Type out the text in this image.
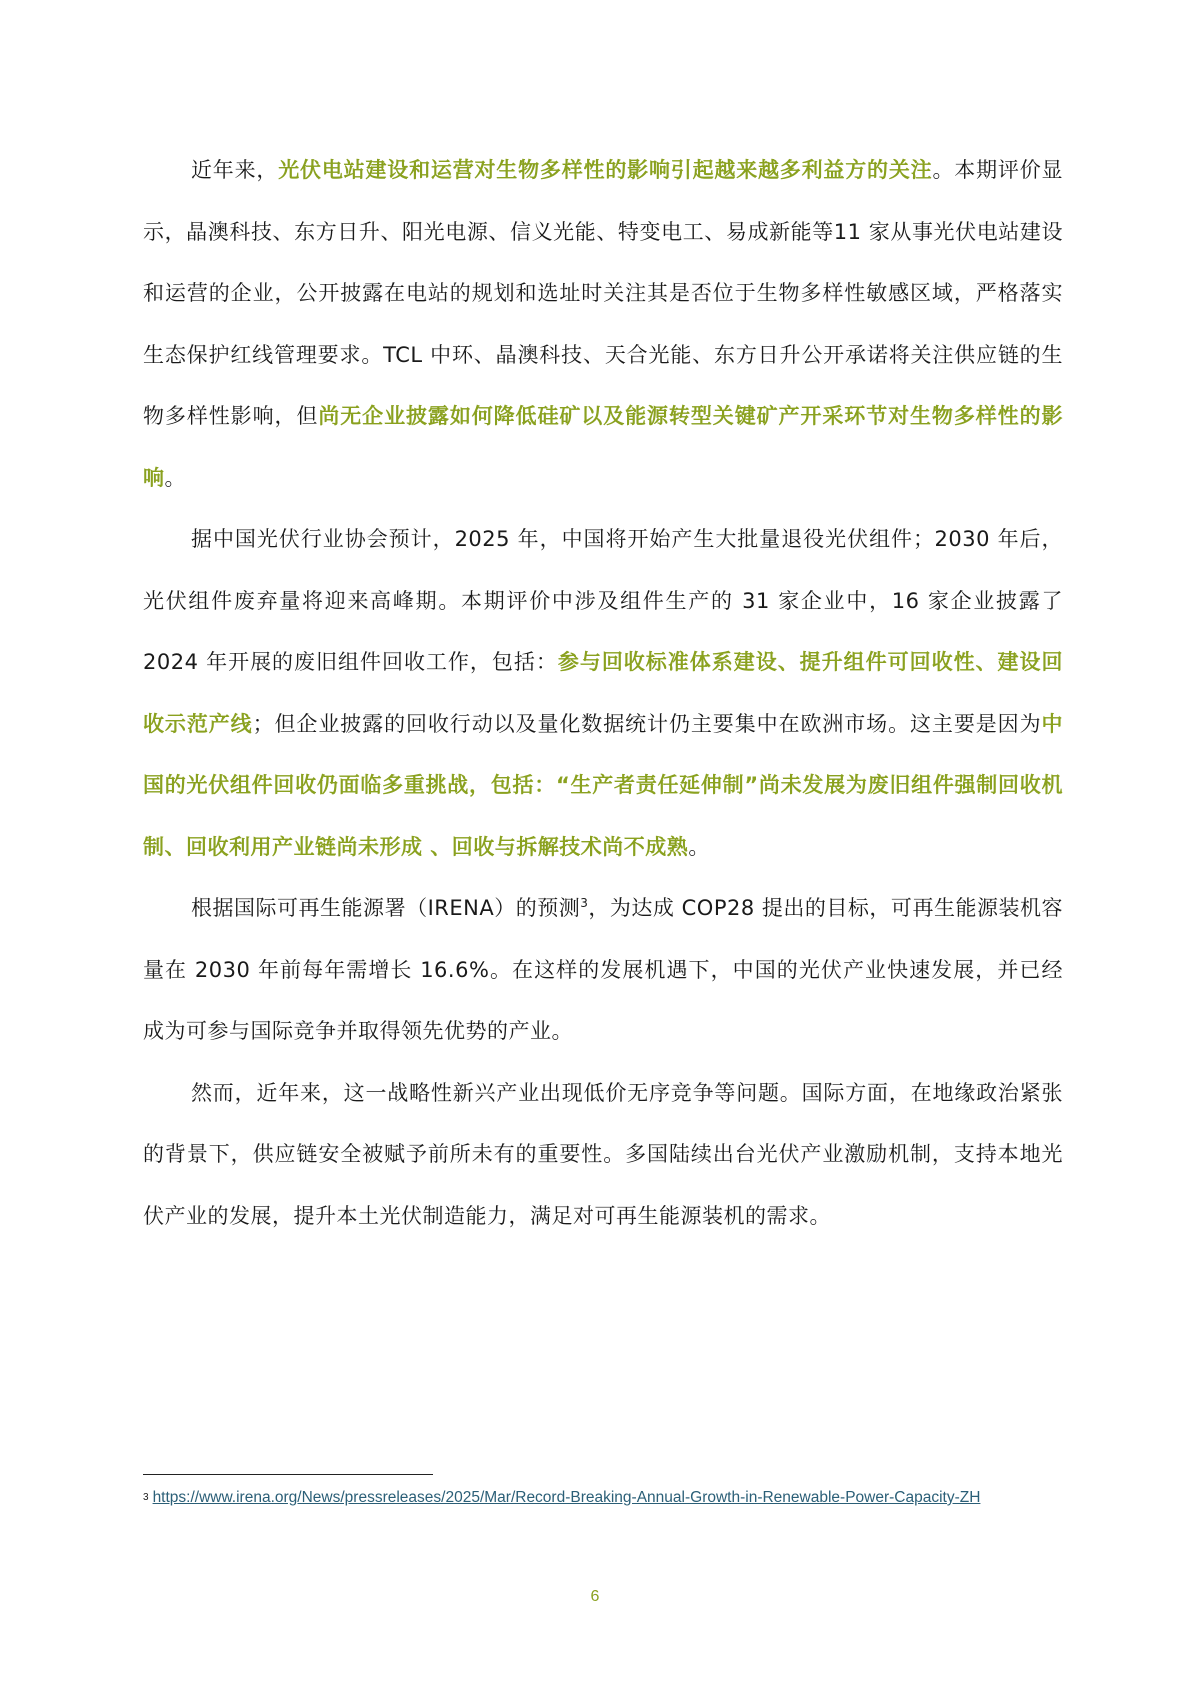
近年来，光伏电站建设和运营对生物多样性的影响引起越来越多利益方的关注。本期评价显示，晶澳科技、东方日升、阳光电源、信义光能、特变电工、易成新能等11 家从事光伏电站建设和运营的企业，公开披露在电站的规划和选址时关注其是否位于生物多样性敏感区域，严格落实生态保护红线管理要求。TCL 中环、晶澳科技、天合光能、东方日升公开承诺将关注供应链的生物多样性影响，但尚无企业披露如何降低硅矿以及能源转型关键矿产开采环节对生物多样性的影响。

据中国光伏行业协会预计，2025 年，中国将开始产生大批量退役光伏组件；2030 年后，光伏组件废弃量将迎来高峰期。本期评价中涉及组件生产的 31 家企业中，16 家企业披露了 2024 年开展的废旧组件回收工作，包括：参与回收标准体系建设、提升组件可回收性、建设回收示范产线；但企业披露的回收行动以及量化数据统计仍主要集中在欧洲市场。这主要是因为中国的光伏组件回收仍面临多重挑战，包括：“生产者责任延伸制”尚未发展为废旧组件强制回收机制、回收利用产业链尚未形成 、回收与拆解技术尚不成熟。

根据国际可再生能源署（IRENA）的预测$^3$，为达成 COP28 提出的目标，可再生能源装机容量在 2030 年前每年需增长 16.6%。在这样的发展机遇下，中国的光伏产业快速发展，并已经成为可参与国际竞争并取得领先优势的产业。

然而，近年来，这一战略性新兴产业出现低价无序竞争等问题。国际方面，在地缘政治紧张的背景下，供应链安全被赋予前所未有的重要性。多国陆续出台光伏产业激励机制，支持本地光伏产业的发展，提升本土光伏制造能力，满足对可再生能源装机的需求。

$^3$ https://www.irena.org/News/pressreleases/2025/Mar/Record-Breaking-Annual-Growth-in-Renewable-Power-Capacity-ZH
6
